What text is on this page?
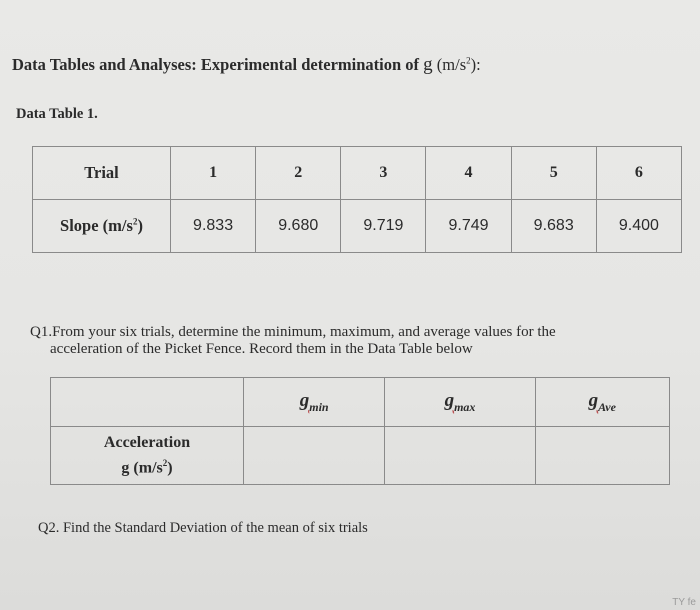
Data Tables and Analyses: Experimental determination of g $(m/s^2)$:
Data Table 1.
Trial	1	2	3	4	5	6
Slope $(m/s^2)$	9.833	9.680	9.719	9.749	9.683	9.400
Q1.From your six trials, determine the minimum, maximum, and average values for the
acceleration of the Picket Fence. Record them in the Data Table below
	$g_{min}$	$g_{max}$	$g_{Ave}$

Acceleration
g $(m/s^2)$			

Q2. Find the Standard Deviation of the mean of six trials
TY fe
